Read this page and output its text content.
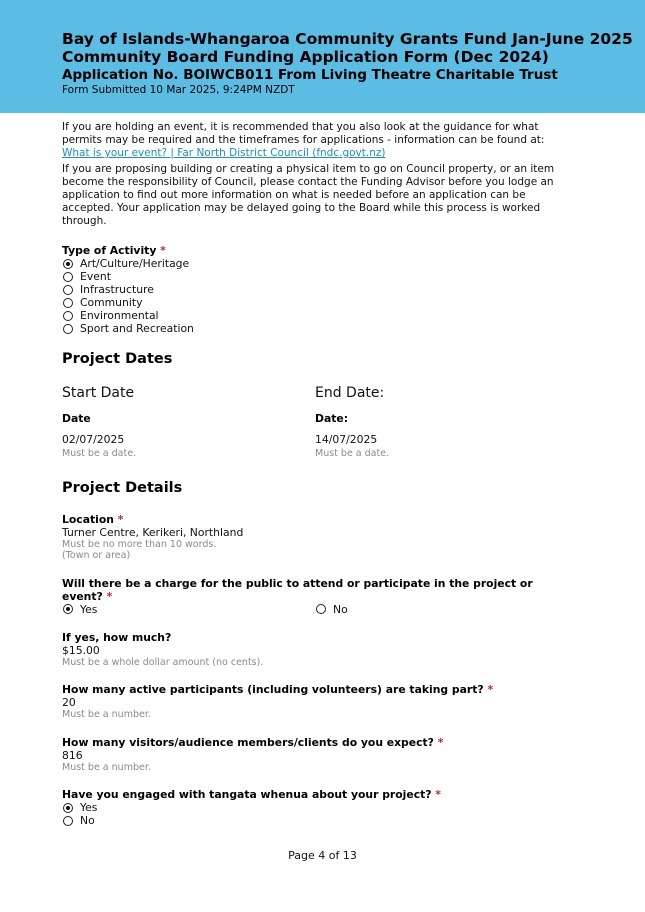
Bay of Islands-Whangaroa Community Grants Fund Jan-June 2025
Community Board Funding Application Form (Dec 2024)
Application No. BOIWCB011 From Living Theatre Charitable Trust
Form Submitted 10 Mar 2025, 9:24PM NZDT
If you are holding an event, it is recommended that you also look at the guidance for what permits may be required and the timeframes for applications - information can be found at:
What is your event? | Far North District Council (fndc.govt.nz)
If you are proposing building or creating a physical item to go on Council property, or an item become the responsibility of Council, please contact the Funding Advisor before you lodge an application to find out more information on what is needed before an application can be accepted. Your application may be delayed going to the Board while this process is worked through.
Type of Activity *
Art/Culture/Heritage
Event
Infrastructure
Community
Environmental
Sport and Recreation
Project Dates
Start Date
Date
02/07/2025
Must be a date.
End Date:
Date:
14/07/2025
Must be a date.
Project Details
Location *
Turner Centre, Kerikeri, Northland
Must be no more than 10 words.
(Town or area)
Will there be a charge for the public to attend or participate in the project or event? *
Yes	No
If yes, how much?
$15.00
Must be a whole dollar amount (no cents).
How many active participants (including volunteers) are taking part? *
20
Must be a number.
How many visitors/audience members/clients do you expect? *
816
Must be a number.
Have you engaged with tangata whenua about your project? *
Yes
No
Page 4 of 13
